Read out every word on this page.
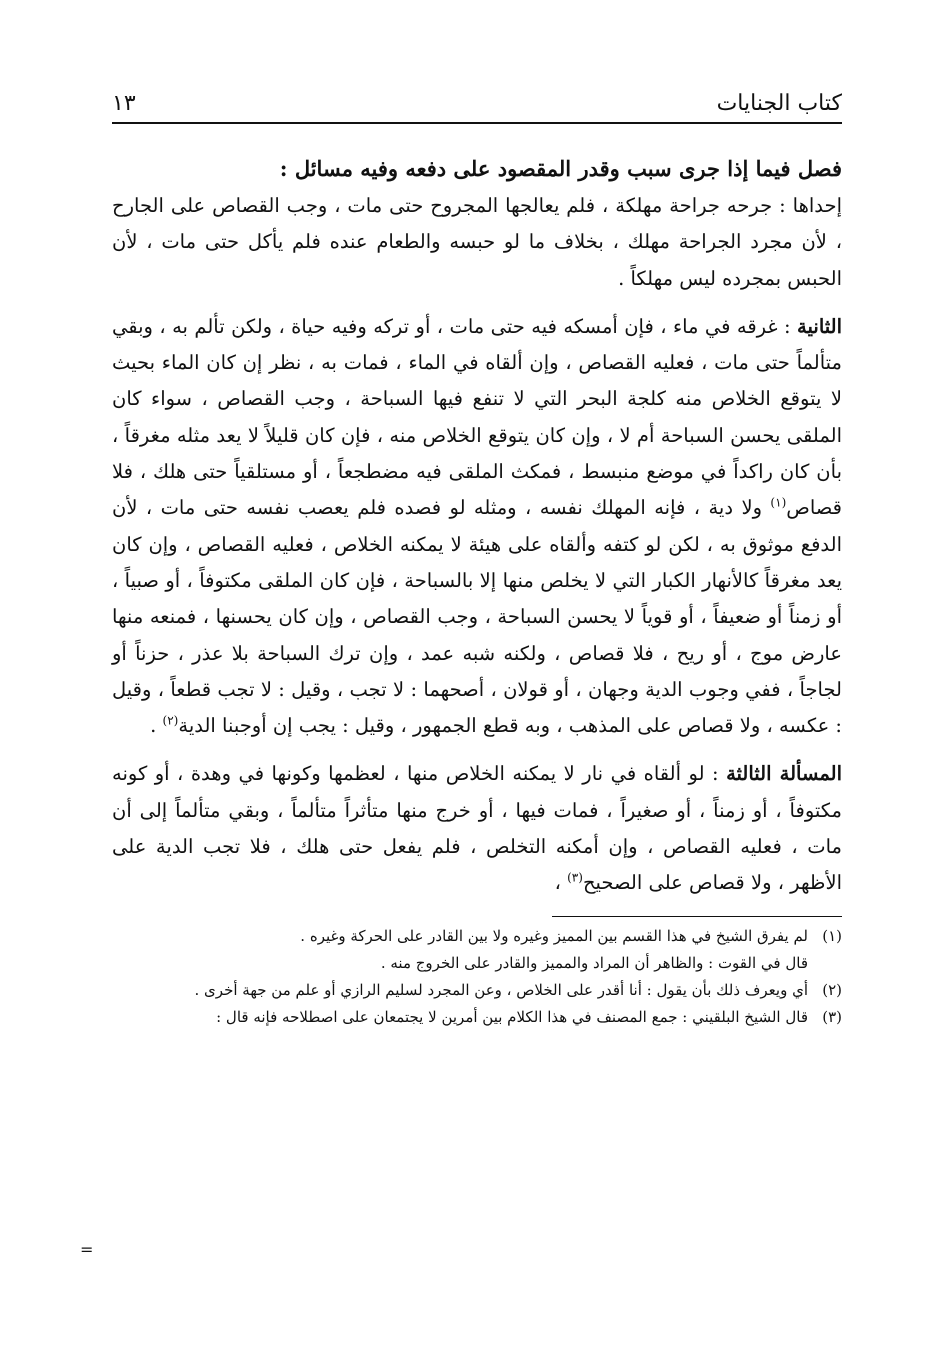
كتاب الجنايات
١٣

فصل فيما إذا جرى سبب وقدر المقصود على دفعه وفيه مسائل :

إحداها : جرحه جراحة مهلكة ، فلم يعالجها المجروح حتى مات ، وجب القصاص على الجارح ، لأن مجرد الجراحة مهلك ، بخلاف ما لو حبسه والطعام عنده فلم يأكل حتى مات ، لأن الحبس بمجرده ليس مهلكاً .

الثانية : غرقه في ماء ، فإن أمسكه فيه حتى مات ، أو تركه وفيه حياة ، ولكن تألم به ، وبقي متألماً حتى مات ، فعليه القصاص ، وإن ألقاه في الماء ، فمات به ، نظر إن كان الماء بحيث لا يتوقع الخلاص منه كلجة البحر التي لا تنفع فيها السباحة ، وجب القصاص ، سواء كان الملقى يحسن السباحة أم لا ، وإن كان يتوقع الخلاص منه ، فإن كان قليلاً لا يعد مثله مغرقاً ، بأن كان راكداً في موضع منبسط ، فمكث الملقى فيه مضطجعاً ، أو مستلقياً حتى هلك ، فلا قصاص$^{(١)}$ ولا دية ، فإنه المهلك نفسه ، ومثله لو فصده فلم يعصب نفسه حتى مات ، لأن الدفع موثوق به ، لكن لو كتفه وألقاه على هيئة لا يمكنه الخلاص ، فعليه القصاص ، وإن كان يعد مغرقاً كالأنهار الكبار التي لا يخلص منها إلا بالسباحة ، فإن كان الملقى مكتوفاً ، أو صبياً ، أو زمناً أو ضعيفاً ، أو قوياً لا يحسن السباحة ، وجب القصاص ، وإن كان يحسنها ، فمنعه منها عارض موج ، أو ريح ، فلا قصاص ، ولكنه شبه عمد ، وإن ترك السباحة بلا عذر ، حزناً أو لجاجاً ، ففي وجوب الدية وجهان ، أو قولان ، أصحهما : لا تجب ، وقيل : لا تجب قطعاً ، وقيل : عكسه ، ولا قصاص على المذهب ، وبه قطع الجمهور ، وقيل : يجب إن أوجبنا الدية$^{(٢)}$ .

المسألة الثالثة : لو ألقاه في نار لا يمكنه الخلاص منها ، لعظمها وكونها في وهدة ، أو كونه مكتوفاً ، أو زمناً ، أو صغيراً ، فمات فيها ، أو خرج منها متأثراً متألماً ، وبقي متألماً إلى أن مات ، فعليه القصاص ، وإن أمكنه التخلص ، فلم يفعل حتى هلك ، فلا تجب الدية على الأظهر ، ولا قصاص على الصحيح$^{(٣)}$ ،

(١)
لم يفرق الشيخ في هذا القسم بين المميز وغيره ولا بين القادر على الحركة وغيره .
قال في القوت : والظاهر أن المراد والمميز والقادر على الخروج منه .
(٢)
أي ويعرف ذلك بأن يقول : أنا أقدر على الخلاص ، وعن المجرد لسليم الرازي أو علم من جهة أخرى .
(٣)
قال الشيخ البلقيني : جمع المصنف في هذا الكلام بين أمرين لا يجتمعان على اصطلاحه فإنه قال :
=
